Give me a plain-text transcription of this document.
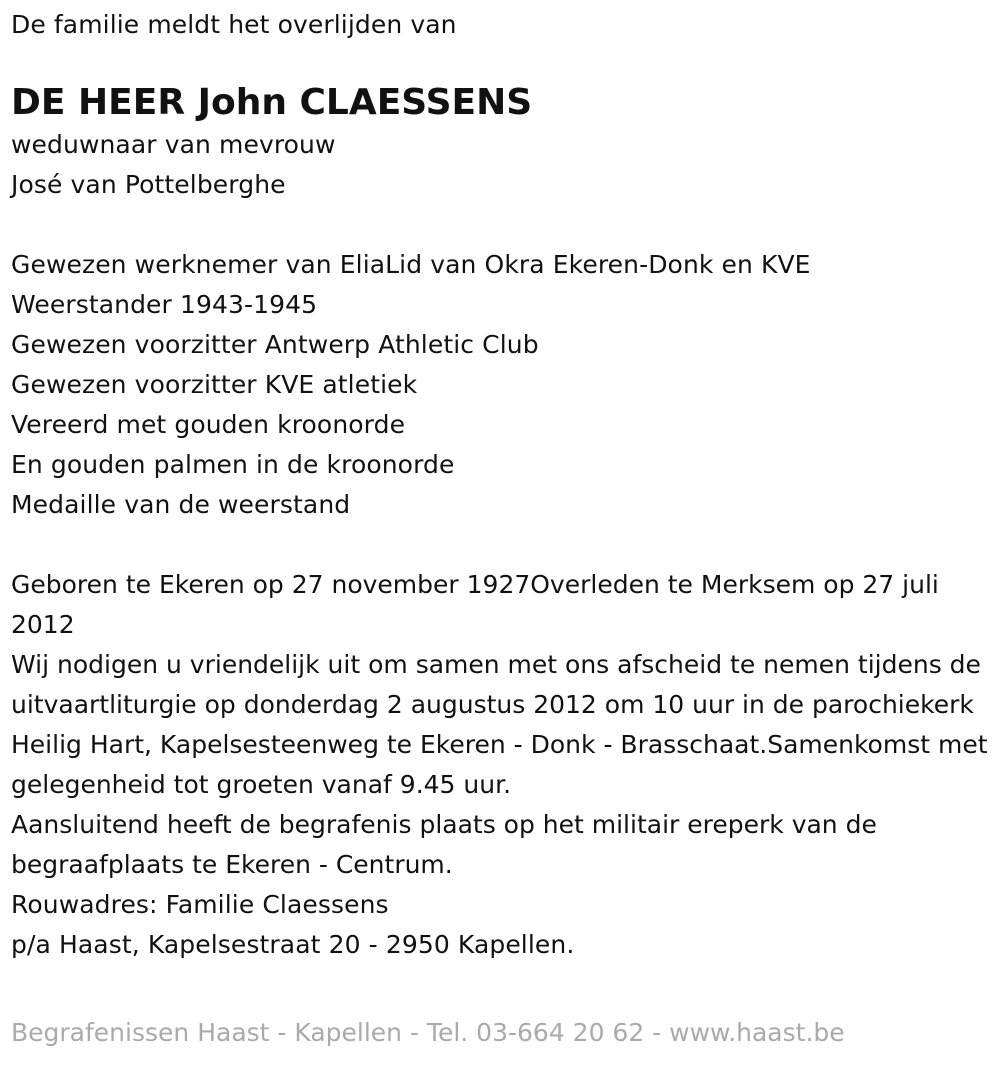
De familie meldt het overlijden van
DE HEER John CLAESSENS
weduwnaar van mevrouw
José van Pottelberghe
Gewezen werknemer van EliaLid van Okra Ekeren-Donk en KVE
Weerstander 1943-1945
Gewezen voorzitter Antwerp Athletic Club
Gewezen voorzitter KVE atletiek
Vereerd met gouden kroonorde
En gouden palmen in de kroonorde
Medaille van de weerstand
Geboren te Ekeren op 27 november 1927Overleden te Merksem op 27 juli 2012
Wij nodigen u vriendelijk uit om samen met ons afscheid te nemen tijdens de uitvaartliturgie op donderdag 2 augustus 2012 om 10 uur in de parochiekerk Heilig Hart, Kapelsesteenweg te Ekeren - Donk - Brasschaat.Samenkomst met gelegenheid tot groeten vanaf 9.45 uur.
Aansluitend heeft de begrafenis plaats op het militair ereperk van de begraafplaats te Ekeren - Centrum.
Rouwadres: Familie Claessens
p/a Haast, Kapelsestraat 20 - 2950 Kapellen.
Begrafenissen Haast - Kapellen - Tel. 03-664 20 62 - www.haast.be
